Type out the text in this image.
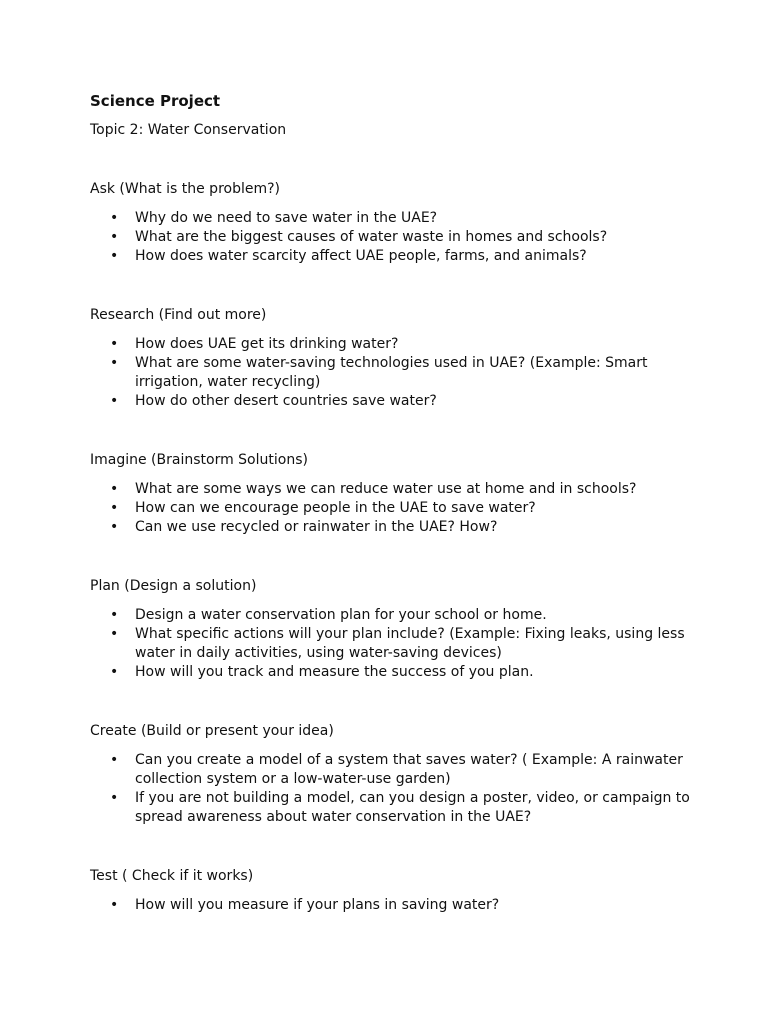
Science Project

Topic 2: Water Conservation

Ask (What is the problem?)

• Why do we need to save water in the UAE?
• What are the biggest causes of water waste in homes and schools?
• How does water scarcity affect UAE people, farms, and animals?

Research (Find out more)

• How does UAE get its drinking water?
• What are some water-saving technologies used in UAE? (Example: Smart irrigation, water recycling)
• How do other desert countries save water?

Imagine (Brainstorm Solutions)

• What are some ways we can reduce water use at home and in schools?
• How can we encourage people in the UAE to save water?
• Can we use recycled or rainwater in the UAE? How?

Plan (Design a solution)

• Design a water conservation plan for your school or home.
• What specific actions will your plan include? (Example: Fixing leaks, using less water in daily activities, using water-saving devices)
• How will you track and measure the success of you plan.

Create (Build or present your idea)

• Can you create a model of a system that saves water? ( Example: A rainwater collection system or a low-water-use garden)
• If you are not building a model, can you design a poster, video, or campaign to spread awareness about water conservation in the UAE?

Test ( Check if it works)

• How will you measure if your plans in saving water?
